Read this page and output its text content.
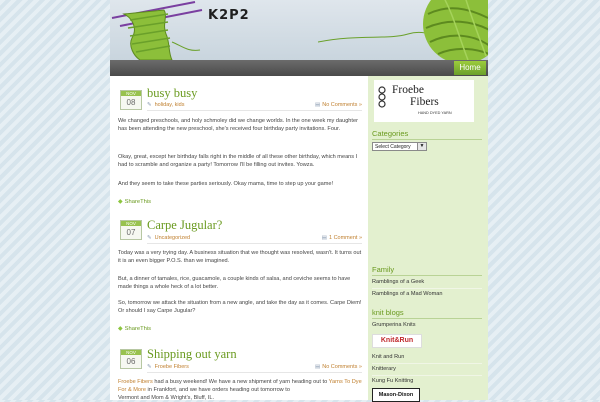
K2P2
Home
NOV
08
busy busy
✎ holiday, kids	▤ No Comments »
We changed preschools, and holy schmoley did we change worlds. In the one week my daughter has been attending the new preschool, she's received four birthday party invitations. Four.
Okay, great, except her birthday falls right in the middle of all these other birthday, which means I had to scramble and organize a party! Tomorrow I'll be filling out invites. Yowza.
And they seem to take these parties seriously. Okay mama, time to step up your game!
◆ ShareThis
NOV
07
Carpe Jugular?
✎ Uncategorized	▤ 1 Comment »
Today was a very trying day. A business situation that we thought was resolved, wasn't. It turns out it is an even bigger P.O.S. than we imagined.
But, a dinner of tamales, rice, guacamole, a couple kinds of salsa, and ceviche seems to have made things a whole heck of a lot better.
So, tomorrow we attack the situation from a new angle, and take the day as it comes. Carpe Diem! Or should I say Carpe Jugular?
◆ ShareThis
NOV
06
Shipping out yarn
✎ Froebe Fibers	▤ No Comments »
Froebe Fibers had a busy weekend! We have a new shipment of yarn heading out to Yarns To Dye For & More in Frankfort, and we have orders heading out tomorrow to
Vermont and Mom & Wright's, Bluff, IL.
Froebe
Fibers
HAND DYED YARN
Categories
Select Category	▼
Family
Ramblings of a Geek
Ramblings of a Mad Woman
knit blogs
Grumperina Knits
Knit&Run
Knit and Run
Knitterary
Kung Fu Knitting
Mason-Dixon
